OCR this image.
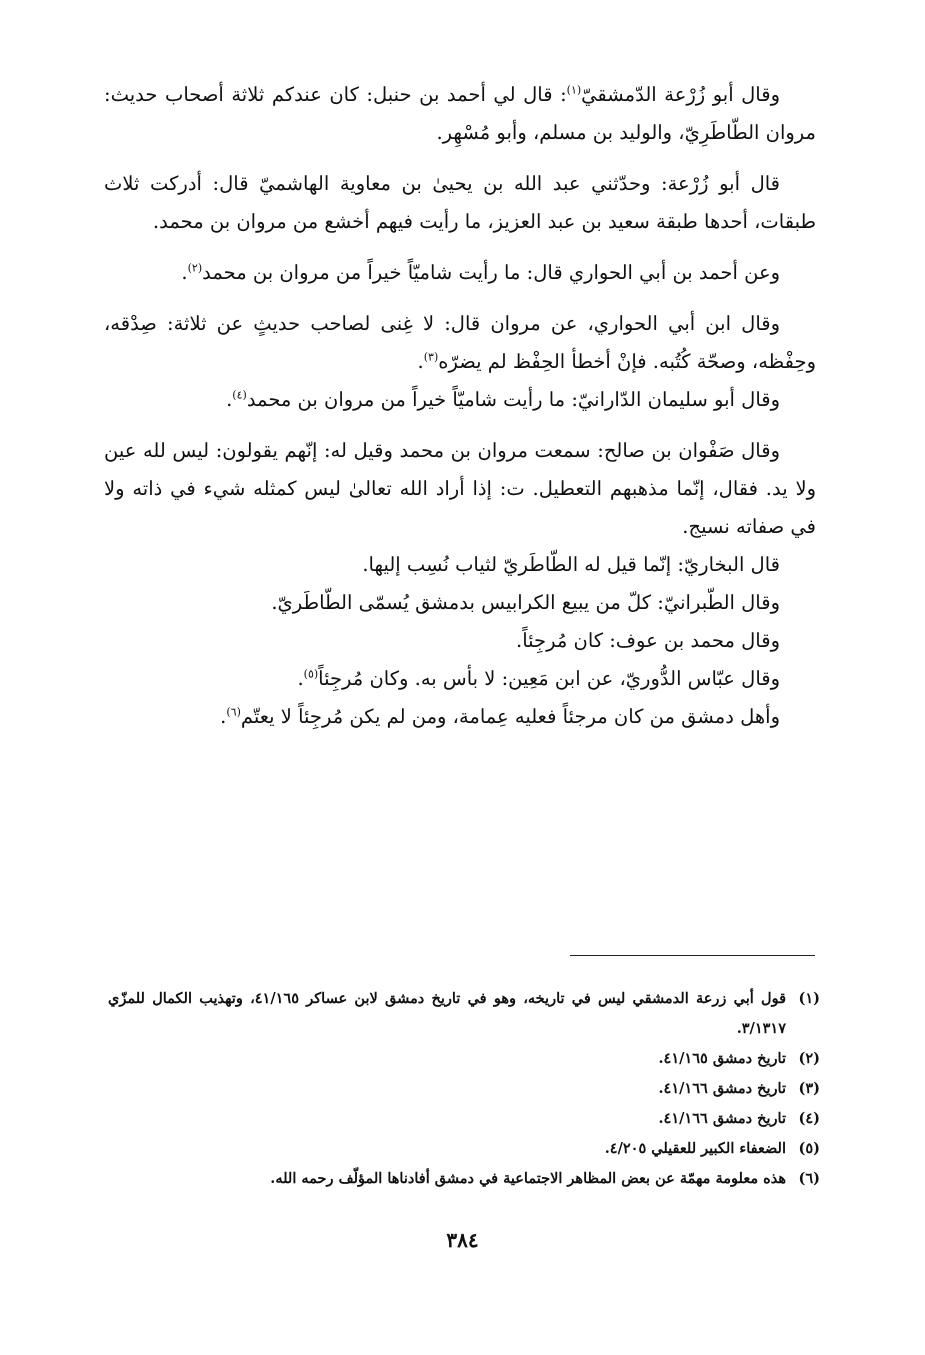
وقال أبو زُرْعة الدّمشقيّ$^{(١)}$: قال لي أحمد بن حنبل: كان عندكم ثلاثة أصحاب حديث: مروان الطّاطَرِيّ، والوليد بن مسلم، وأبو مُسْهِر.

قال أبو زُرْعة: وحدّثني عبد الله بن يحيىٰ بن معاوية الهاشميّ قال: أدركت ثلاث طبقات، أحدها طبقة سعيد بن عبد العزيز، ما رأيت فيهم أخشع من مروان بن محمد.

وعن أحمد بن أبي الحواري قال: ما رأيت شاميّاً خيراً من مروان بن محمد$^{(٢)}$.

وقال ابن أبي الحواري، عن مروان قال: لا غِنى لصاحب حديثٍ عن ثلاثة: صِدْقه، وحِفْظه، وصحّة كُتُبه. فإنْ أخطأ الحِفْظ لم يضرّه$^{(٣)}$.

وقال أبو سليمان الدّارانيّ: ما رأيت شاميّاً خيراً من مروان بن محمد$^{(٤)}$.

وقال صَفْوان بن صالح: سمعت مروان بن محمد وقيل له: إنّهم يقولون: ليس لله عين ولا يد. فقال، إنّما مذهبهم التعطيل. ت: إذا أراد الله تعالىٰ ليس كمثله شيء في ذاته ولا في صفاته نسيج.

قال البخاريّ: إنّما قيل له الطّاطَريّ لثياب نُسِب إليها.
وقال الطّبرانيّ: كلّ من يبيع الكرابيس بدمشق يُسمّى الطّاطَريّ.
وقال محمد بن عوف: كان مُرجِئاً.
وقال عبّاس الدُّوريّ، عن ابن مَعِين: لا بأس به. وكان مُرجِئاً$^{(٥)}$.
وأهل دمشق من كان مرجئاً فعليه عِمامة، ومن لم يكن مُرجِئاً لا يعتّم$^{(٦)}$.
(١)
قول أبي زرعة الدمشقي ليس في تاريخه، وهو في تاريخ دمشق لابن عساكر ٤١/١٦٥، وتهذيب الكمال للمزّي ٣/١٣١٧.
(٢)
تاريخ دمشق ٤١/١٦٥.
(٣)
تاريخ دمشق ٤١/١٦٦.
(٤)
تاريخ دمشق ٤١/١٦٦.
(٥)
الضعفاء الكبير للعقيلي ٤/٢٠٥.
(٦)
هذه معلومة مهمّة عن بعض المظاهر الاجتماعية في دمشق أفادناها المؤلّف رحمه الله.
٣٨٤
